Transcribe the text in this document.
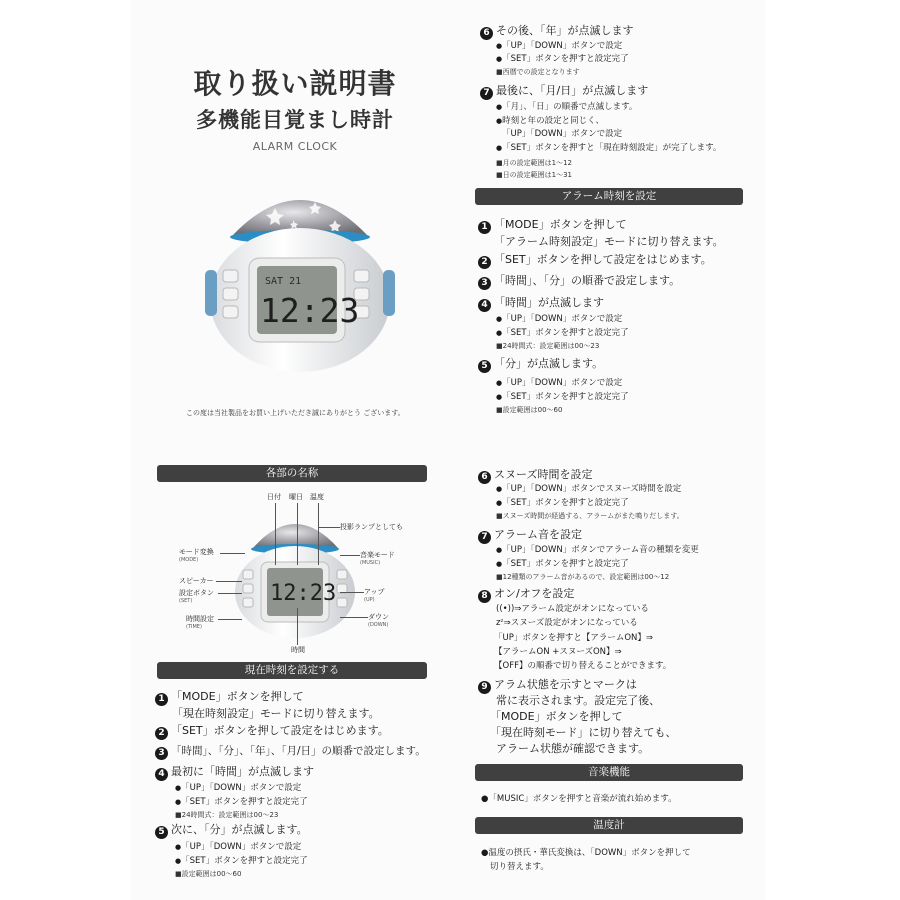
取り扱い説明書
多機能目覚まし時計
ALARM CLOCK
SAT 21
12:23
この度は当社製品をお買い上げいただき誠にありがとう ございます。
各部の名称
12:23
日付 曜日 温度
投影ランプとしても
モード変換
(MODE)
スピーカー
設定ボタン
(SET)
時間設定
(TIME)
音楽モード
(MUSIC)
アップ
(UP)
ダウン
(DOWN)
時間
現在時刻を設定する
1 「MODE」ボタンを押して
「現在時刻設定」モードに切り替えます。
2 「SET」ボタンを押して設定をはじめます。
3 「時間」、「分」、「年」、「月/日」の順番で設定します。
4 最初に「時間」が点滅します
●「UP」「DOWN」ボタンで設定
●「SET」ボタンを押すと設定完了
■24時間式：設定範囲は00～23
5 次に、「分」が点滅します。
●「UP」「DOWN」ボタンで設定
●「SET」ボタンを押すと設定完了
■設定範囲は00～60
6 その後、「年」が点滅します
●「UP」「DOWN」ボタンで設定
●「SET」ボタンを押すと設定完了
■西暦での設定となります
7 最後に、「月/日」が点滅します
●「月」、「日」の順番で点滅します。
●時刻と年の設定と同じく、
「UP」「DOWN」ボタンで設定
●「SET」ボタンを押すと「現在時刻設定」が完了します。
■月の設定範囲は1～12
■日の設定範囲は1～31
アラーム時刻を設定
1 「MODE」ボタンを押して
「アラーム時刻設定」モードに切り替えます。
2 「SET」ボタンを押して設定をはじめます。
3 「時間」、「分」の順番で設定します。
4 「時間」が点滅します
●「UP」「DOWN」ボタンで設定
●「SET」ボタンを押すと設定完了
■24時間式：設定範囲は00～23
5 「分」が点滅します。
●「UP」「DOWN」ボタンで設定
●「SET」ボタンを押すと設定完了
■設定範囲は00～60
6 スヌーズ時間を設定
●「UP」「DOWN」ボタンでスヌーズ時間を設定
●「SET」ボタンを押すと設定完了
■スヌーズ時間が経過する、アラームがまた鳴りだします。
7 アラーム音を設定
●「UP」「DOWN」ボタンでアラーム音の種類を変更
●「SET」ボタンを押すと設定完了
■12種類のアラーム音があるので、設定範囲は00～12
8 オン/オフを設定
((•))⇒アラーム設定がオンになっている
zᶻ⇒スヌーズ設定がオンになっている
「UP」ボタンを押すと【アラームON】⇒
【アラームON +スヌーズON】⇒
【OFF】の順番で切り替えることができます。
9 アラム状態を示すとマークは
常に表示されます。設定完了後、
「MODE」ボタンを押して
「現在時刻モード」に切り替えても、
アラーム状態が確認できます。
音楽機能
●「MUSIC」ボタンを押すと音楽が流れ始めます。
温度計
●温度の摂氏・華氏変換は、「DOWN」ボタンを押して
切り替えます。
